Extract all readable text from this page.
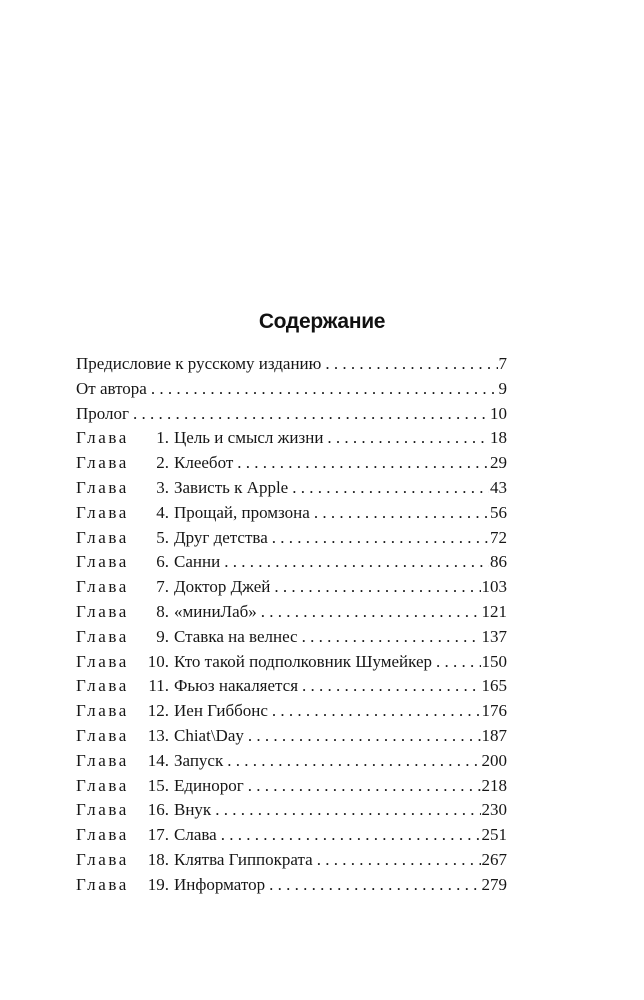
Содержание
Предисловие к русскому изданию . . .	7
От автора . . .	9
Пролог . . .	10
Глава	1. Цель и смысл жизни . . .	18
Глава	2. Клеебот . . .	29
Глава	3. Зависть к Apple . . .	43
Глава	4. Прощай, промзона . . .	56
Глава	5. Друг детства . . .	72
Глава	6. Санни . . .	86
Глава	7. Доктор Джей . . .	103
Глава	8. «миниЛаб» . . .	121
Глава	9. Ставка на велнес . . .	137
Глава	10. Кто такой подполковник Шумейкер . . .	150
Глава	11. Фьюз накаляется . . .	165
Глава	12. Иен Гиббонс . . .	176
Глава	13. Chiat\Day . . .	187
Глава	14. Запуск . . .	200
Глава	15. Единорог . . .	218
Глава	16. Внук . . .	230
Глава	17. Слава . . .	251
Глава	18. Клятва Гиппократа . . .	267
Глава	19. Информатор . . .	279
